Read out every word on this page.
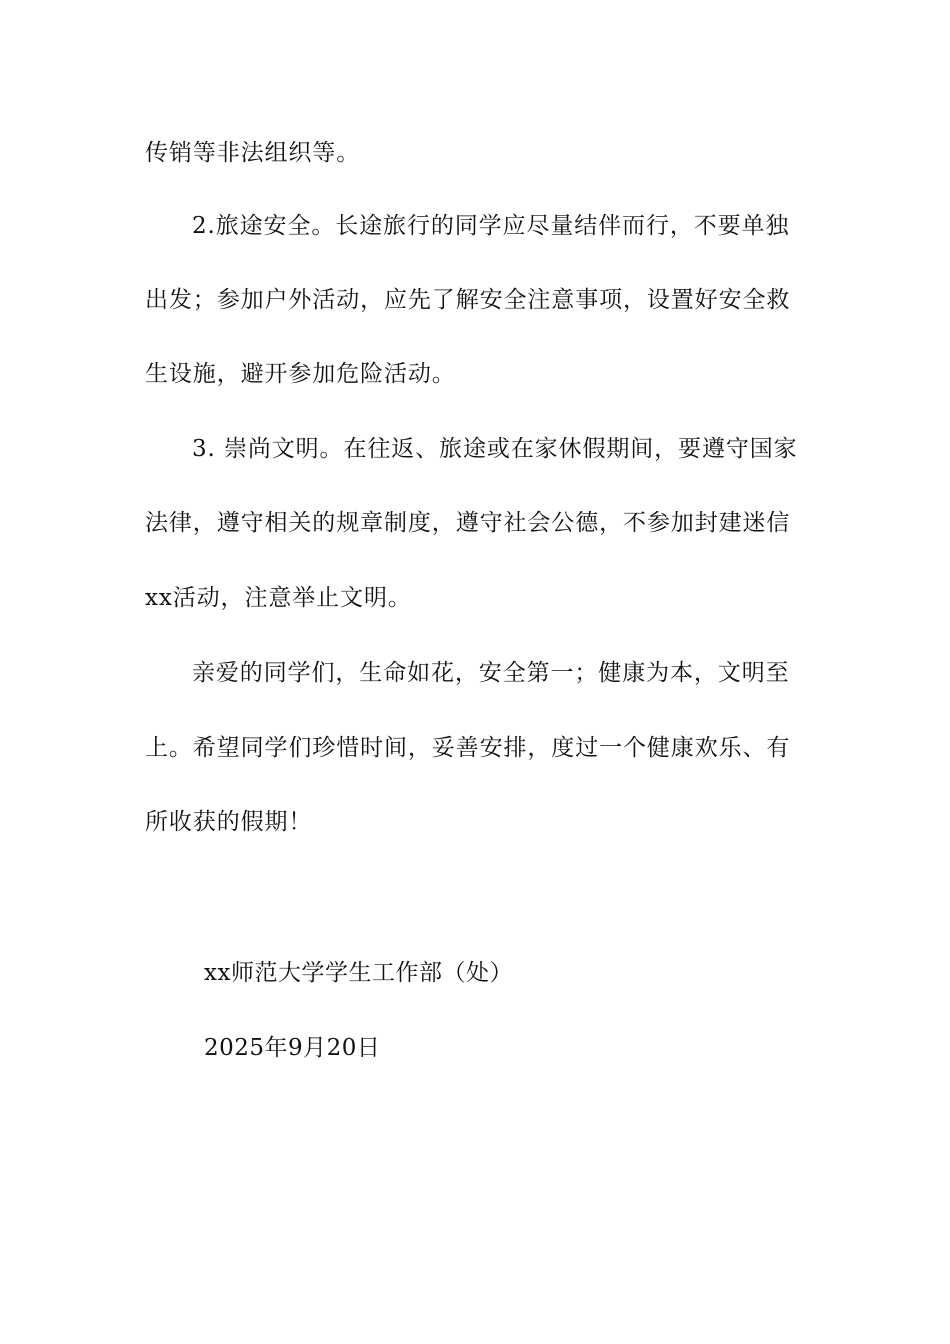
传销等非法组织等。
2.旅途安全。长途旅行的同学应尽量结伴而行，不要单独
出发；参加户外活动，应先了解安全注意事项，设置好安全救
生设施，避开参加危险活动。
3. 崇尚文明。在往返、旅途或在家休假期间，要遵守国家
法律，遵守相关的规章制度，遵守社会公德，不参加封建迷信
xx活动，注意举止文明。
亲爱的同学们，生命如花，安全第一；健康为本，文明至
上。希望同学们珍惜时间，妥善安排，度过一个健康欢乐、有
所收获的假期！
xx师范大学学生工作部（处）
2025年9月20日
